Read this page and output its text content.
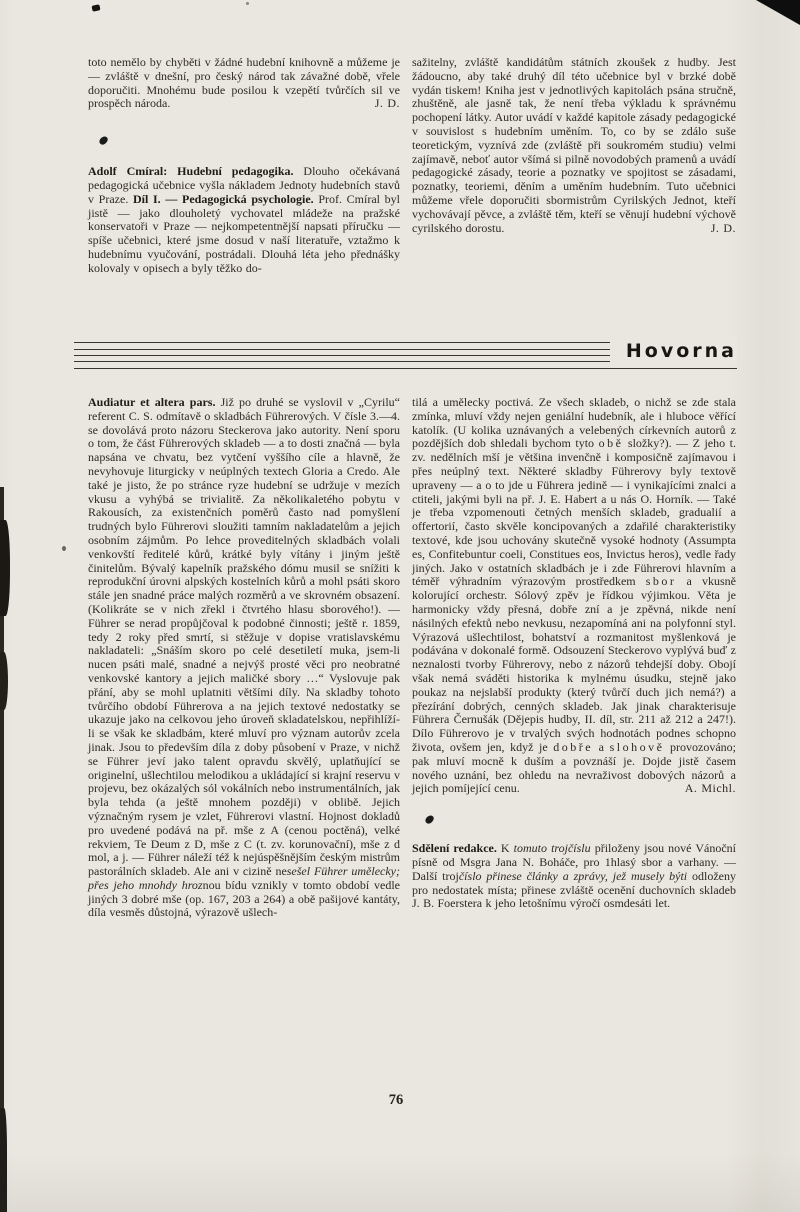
toto nemělo by chyběti v žádné hudební knihovně a můžeme je — zvláště v dnešní, pro český národ tak závažné době, vřele doporučiti. Mnohému bude posilou k vzepětí tvůrčích sil ve prospěch národa.	J. D.

Adolf Cmíral: Hudební pedagogika. Dlouho očekávaná pedagogická učebnice vyšla nákladem Jednoty hudebních stavů v Praze. Díl I. — Pedagogická psychologie. Prof. Cmíral byl jistě — jako dlouholetý vychovatel mládeže na pražské konservatoři v Praze — nejkompetentnější napsati příručku — spíše učebnici, které jsme dosud v naší literatuře, vztažmo k hudebnímu vyučování, postrádali. Dlouhá léta jeho přednášky kolovaly v opisech a byly těžko do-

sažitelny, zvláště kandidátům státních zkoušek z hudby. Jest žádoucno, aby také druhý díl této učebnice byl v brzké době vydán tiskem! Kniha jest v jednotlivých kapitolách psána stručně, zhuštěně, ale jasně tak, že není třeba výkladu k správnému pochopení látky. Autor uvádí v každé kapitole zásady pedagogické v souvislost s hudebním uměním. To, co by se zdálo suše teoretickým, vyznívá zde (zvláště při soukromém studiu) velmi zajímavě, neboť autor všímá si pilně novodobých pramenů a uvádí pedagogické zásady, teorie a poznatky ve spojitost se zásadami, poznatky, teoriemi, děním a uměním hudebním. Tuto učebnici můžeme vřele doporučiti sbormistrům Cyrilských Jednot, kteří vychovávají pěvce, a zvláště těm, kteří se věnují hudební výchově cyrilského dorostu.	J. D.

Hovorna

Audiatur et altera pars. Již po druhé se vyslovil v „Cyrilu“ referent C. S. odmítavě o skladbách Führerových. V čísle 3.—4. se dovolává proto názoru Steckerova jako autority. Není sporu o tom, že část Führerových skladeb — a to dosti značná — byla napsána ve chvatu, bez vytčení vyššího cíle a hlavně, že nevyhovuje liturgicky v neúplných textech Gloria a Credo. Ale také je jisto, že po stránce ryze hudební se udržuje v mezích vkusu a vyhýbá se trivialitě. Za několikaletého pobytu v Rakousích, za existenčních poměrů často nad pomyšlení trudných bylo Führerovi sloužiti tamním nakladatelům a jejich osobním zájmům. Po lehce proveditelných skladbách volali venkovští ředitelé kůrů, krátké byly vítány i jiným ještě činitelům. Bývalý kapelník pražského dómu musil se snížiti k reprodukční úrovni alpských kostelních kůrů a mohl psáti skoro stále jen snadné práce malých rozměrů a ve skrovném obsazení. (Kolikráte se v nich zřekl i čtvrtého hlasu sborového!). — Führer se nerad propůjčoval k podobné činnosti; ještě r. 1859, tedy 2 roky před smrtí, si stěžuje v dopise vratislavskému nakladateli: „Snáším skoro po celé desetiletí muka, jsem-li nucen psáti malé, snadné a nejvýš prosté věci pro neobratné venkovské kantory a jejich maličké sbory …“ Vyslovuje pak přání, aby se mohl uplatniti většími díly. Na skladby tohoto tvůrčího období Führerova a na jejich textové nedostatky se ukazuje jako na celkovou jeho úroveň skladatelskou, nepřihlíží-li se však ke skladbám, které mluví pro význam autorův zcela jinak. Jsou to především díla z doby působení v Praze, v nichž se Führer jeví jako talent opravdu skvělý, uplatňující se originelní, ušlechtilou melodikou a ukládající si krajní reservu v projevu, bez okázalých sól vokálních nebo instrumentálních, jak byla tehda (a ještě mnohem později) v oblibě. Jejich význačným rysem je vzlet, Führerovi vlastní. Hojnost dokladů pro uvedené podává na př. mše z A (cenou poctěná), velké rekviem, Te Deum z D, mše z C (t. zv. korunovační), mše z d mol, a j. — Führer náleží též k nejúspěšnějším českým mistrům pastorálních skladeb. Ale ani v cizině nesešel Führer umělecky; přes jeho mnohdy hroznou bídu vznikly v tomto období vedle jiných 3 dobré mše (op. 167, 203 a 264) a obě pašijové kantáty, díla vesměs důstojná, výrazově ušlech-

tilá a umělecky poctivá. Ze všech skladeb, o nichž se zde stala zmínka, mluví vždy nejen geniální hudebník, ale i hluboce věřící katolík. (U kolika uznávaných a velebených církevních autorů z pozdějších dob shledali bychom tyto obě složky?). — Z jeho t. zv. nedělních mší je většina invenčně i komposičně zajímavou i přes neúplný text. Některé skladby Führerovy byly textově upraveny — a o to jde u Führera jedině — i vynikajícími znalci a ctiteli, jakými byli na př. J. E. Habert a u nás O. Horník. — Také je třeba vzpomenouti četných menších skladeb, gradualií a offertorií, často skvěle koncipovaných a zdařilé charakteristiky textové, kde jsou uchovány skutečně vysoké hodnoty (Assumpta es, Confitebuntur coeli, Constitues eos, Invictus heros), vedle řady jiných. Jako v ostatních skladbách je i zde Führerovi hlavním a téměř výhradním výrazovým prostředkem sbor a vkusně kolorující orchestr. Sólový zpěv je řídkou výjimkou. Věta je harmonicky vždy přesná, dobře zní a je zpěvná, nikde není násilných efektů nebo nevkusu, nezapomíná ani na polyfonní styl. Výrazová ušlechtilost, bohatství a rozmanitost myšlenková je podávána v dokonalé formě. Odsouzení Steckerovo vyplývá buď z neznalosti tvorby Führerovy, nebo z názorů tehdejší doby. Obojí však nemá sváděti historika k mylnému úsudku, stejně jako poukaz na nejslabší produkty (který tvůrčí duch jich nemá?) a přezírání dobrých, cenných skladeb. Jak jinak charakterisuje Führera Černušák (Dějepis hudby, II. díl, str. 211 až 212 a 247!). Dílo Führerovo je v trvalých svých hodnotách podnes schopno života, ovšem jen, když je dobře a slohově provozováno; pak mluví mocně k duším a povznáší je. Dojde jistě časem nového uznání, bez ohledu na nevraživost dobových názorů a jejich pomíjející cenu.	A. Michl.

Sdělení redakce. K tomuto trojčíslu přiloženy jsou nové Vánoční písně od Msgra Jana N. Boháče, pro 1hlasý sbor a varhany. — Další trojčíslo přinese články a zprávy, jež musely býti odloženy pro nedostatek místa; přinese zvláště ocenění duchovních skladeb J. B. Foerstera k jeho letošnímu výročí osmdesáti let.

76
